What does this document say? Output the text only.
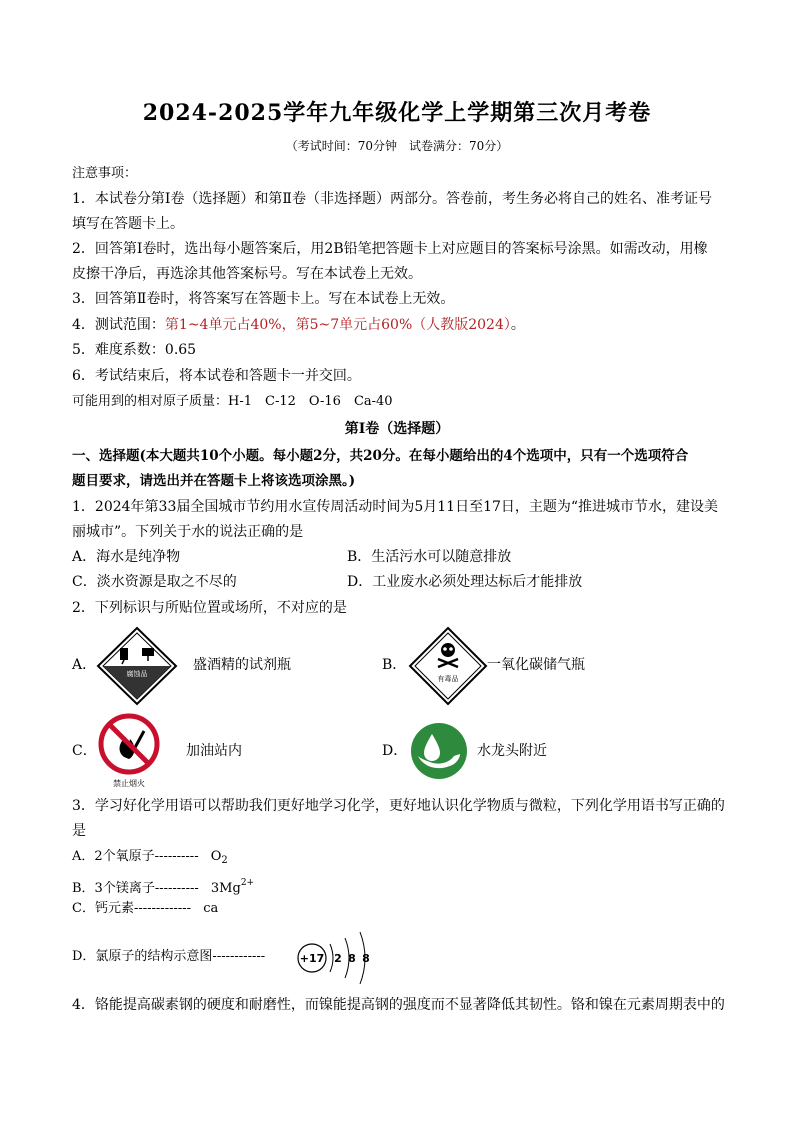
2024-2025学年九年级化学上学期第三次月考卷
（考试时间：70分钟　试卷满分：70分）
注意事项：
1．本试卷分第Ⅰ卷（选择题）和第Ⅱ卷（非选择题）两部分。答卷前，考生务必将自己的姓名、准考证号
填写在答题卡上。
2．回答第Ⅰ卷时，选出每小题答案后，用2B铅笔把答题卡上对应题目的答案标号涂黑。如需改动，用橡
皮擦干净后，再选涂其他答案标号。写在本试卷上无效。
3．回答第Ⅱ卷时，将答案写在答题卡上。写在本试卷上无效。
4．测试范围：第1~4单元占40%，第5~7单元占60%（人教版2024）。
5．难度系数：0.65
6．考试结束后，将本试卷和答题卡一并交回。
可能用到的相对原子质量：H-1　C-12　O-16　Ca-40
第Ⅰ卷（选择题）
一、选择题(本大题共10个小题。每小题2分，共20分。在每小题给出的4个选项中，只有一个选项符合
题目要求，请选出并在答题卡上将该选项涂黑。)
1．2024年第33届全国城市节约用水宣传周活动时间为5月11日至17日，主题为“推进城市节水，建设美
丽城市”。下列关于水的说法正确的是
A．海水是纯净物	B．生活污水可以随意排放
C．淡水资源是取之不尽的	D．工业废水必须处理达标后才能排放
2．下列标识与所贴位置或场所，不对应的是
A．
腐蚀品
盛酒精的试剂瓶	B．
有毒品
一氧化碳储气瓶
C．
禁止烟火
加油站内	D．	水龙头附近
3．学习好化学用语可以帮助我们更好地学习化学，更好地认识化学物质与微粒，下列化学用语书写正确的
是
A．2个氧原子---------- $O_2$
B．3个镁离子---------- $3Mg^{2+}$
C．钙元素------------- ca
D．氯原子的结构示意图------------	+17 2 8 8
4．铬能提高碳素钢的硬度和耐磨性，而镍能提高钢的强度而不显著降低其韧性。铬和镍在元素周期表中的
